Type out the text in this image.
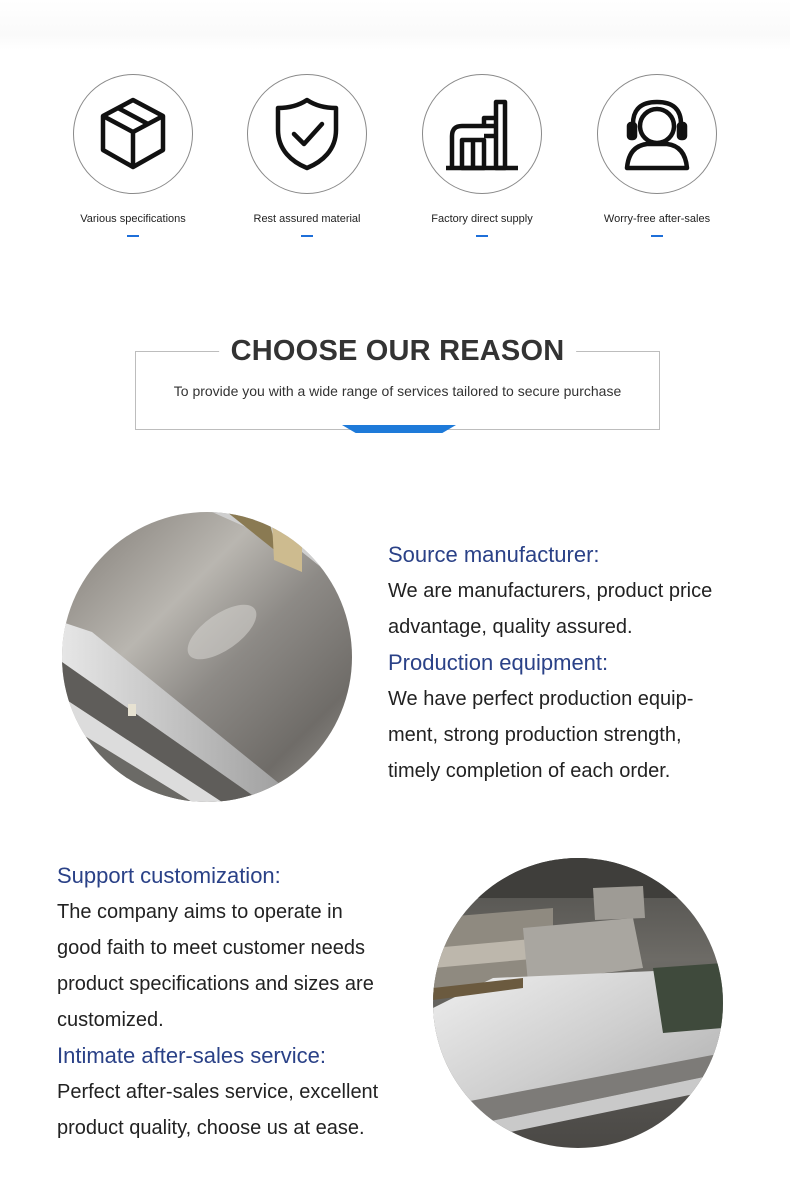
Various specifications	Rest assured material	Factory direct supply	Worry-free after-sales
CHOOSE OUR REASON
To provide you with a wide range of services tailored to secure purchase
Source manufacturer:
We are manufacturers, product price
advantage, quality assured.
Production equipment:
We have perfect production equip-
ment, strong production strength,
timely completion of each order.
Support customization:
The company aims to operate in
good faith to meet customer needs
product specifications and sizes are
customized.
Intimate after-sales service:
Perfect after-sales service, excellent
product quality, choose us at ease.
